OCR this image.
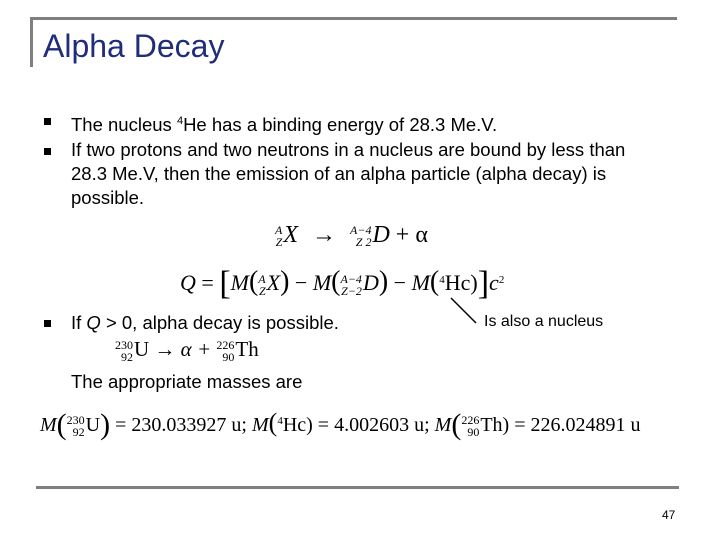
Alpha Decay
The nucleus $^4$He has a binding energy of 28.3 Me.V.
If two protons and two neutrons in a nucleus are bound by less than 28.3 Me.V, then the emission of an alpha particle (alpha decay) is possible.
A
Z X → A−4
Z 2 D + α
Q = [M( A
Z X) − M( A−4
Z−2 $D) - M(^4Hc)]c^2$
Is also a nucleus
If Q > 0, alpha decay is possible.
230
92 U → α + 226
90 Th
The appropriate masses are
M( 230
92 U) = 230.033927 u; M($^4$Hc) = 4.002603 u; M( 226
90 Th) = 226.024891 u
47
